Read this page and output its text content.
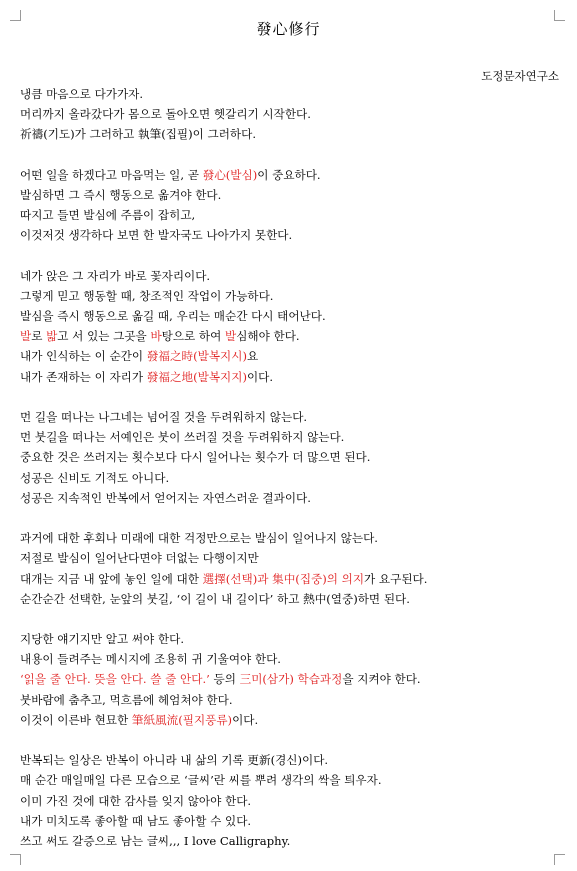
發心修行
도정문자연구소
냉큼 마음으로 다가가자.
머리까지 올라갔다가 몸으로 돌아오면 헷갈리기 시작한다.
祈禱(기도)가 그러하고 執筆(집필)이 그러하다.
어떤 일을 하겠다고 마음먹는 일, 곧 發心(발심)이 중요하다.
발심하면 그 즉시 행동으로 옮겨야 한다.
따지고 들면 발심에 주름이 잡히고,
이것저것 생각하다 보면 한 발자국도 나아가지 못한다.
네가 앉은 그 자리가 바로 꽃자리이다.
그렇게 믿고 행동할 때, 창조적인 작업이 가능하다.
발심을 즉시 행동으로 옮길 때, 우리는 매순간 다시 태어난다.
발로 밟고 서 있는 그곳을 바탕으로 하여 발심해야 한다.
내가 인식하는 이 순간이 發福之時(발복지시)요
내가 존재하는 이 자리가 發福之地(발복지지)이다.
먼 길을 떠나는 나그네는 넘어질 것을 두려워하지 않는다.
먼 붓길을 떠나는 서예인은 붓이 쓰러질 것을 두려워하지 않는다.
중요한 것은 쓰러지는 횟수보다 다시 일어나는 횟수가 더 많으면 된다.
성공은 신비도 기적도 아니다.
성공은 지속적인 반복에서 얻어지는 자연스러운 결과이다.
과거에 대한 후회나 미래에 대한 걱정만으로는 발심이 일어나지 않는다.
저절로 발심이 일어난다면야 더없는 다행이지만
대개는 지금 내 앞에 놓인 일에 대한 選擇(선택)과 集中(집중)의 의지가 요구된다.
순간순간 선택한, 눈앞의 붓길, ‘이 길이 내 길이다’ 하고 熱中(열중)하면 된다.
지당한 얘기지만 알고 써야 한다.
내용이 들려주는 메시지에 조용히 귀 기울여야 한다.
‘읽을 줄 안다. 뜻을 안다. 쓸 줄 안다.’ 등의 三미(삼가) 학습과정을 지켜야 한다.
붓바람에 춤추고, 먹흐름에 헤엄쳐야 한다.
이것이 이른바 현묘한 筆紙風流(필지풍류)이다.
반복되는 일상은 반복이 아니라 내 삶의 기록 更新(경신)이다.
매 순간 매일매일 다른 모습으로 ‘글씨’란 씨를 뿌려 생각의 싹을 틔우자.
이미 가진 것에 대한 감사를 잊지 않아야 한다.
내가 미치도록 좋아할 때 남도 좋아할 수 있다.
쓰고 써도 갈증으로 남는 글씨,,, I love Calligraphy.
